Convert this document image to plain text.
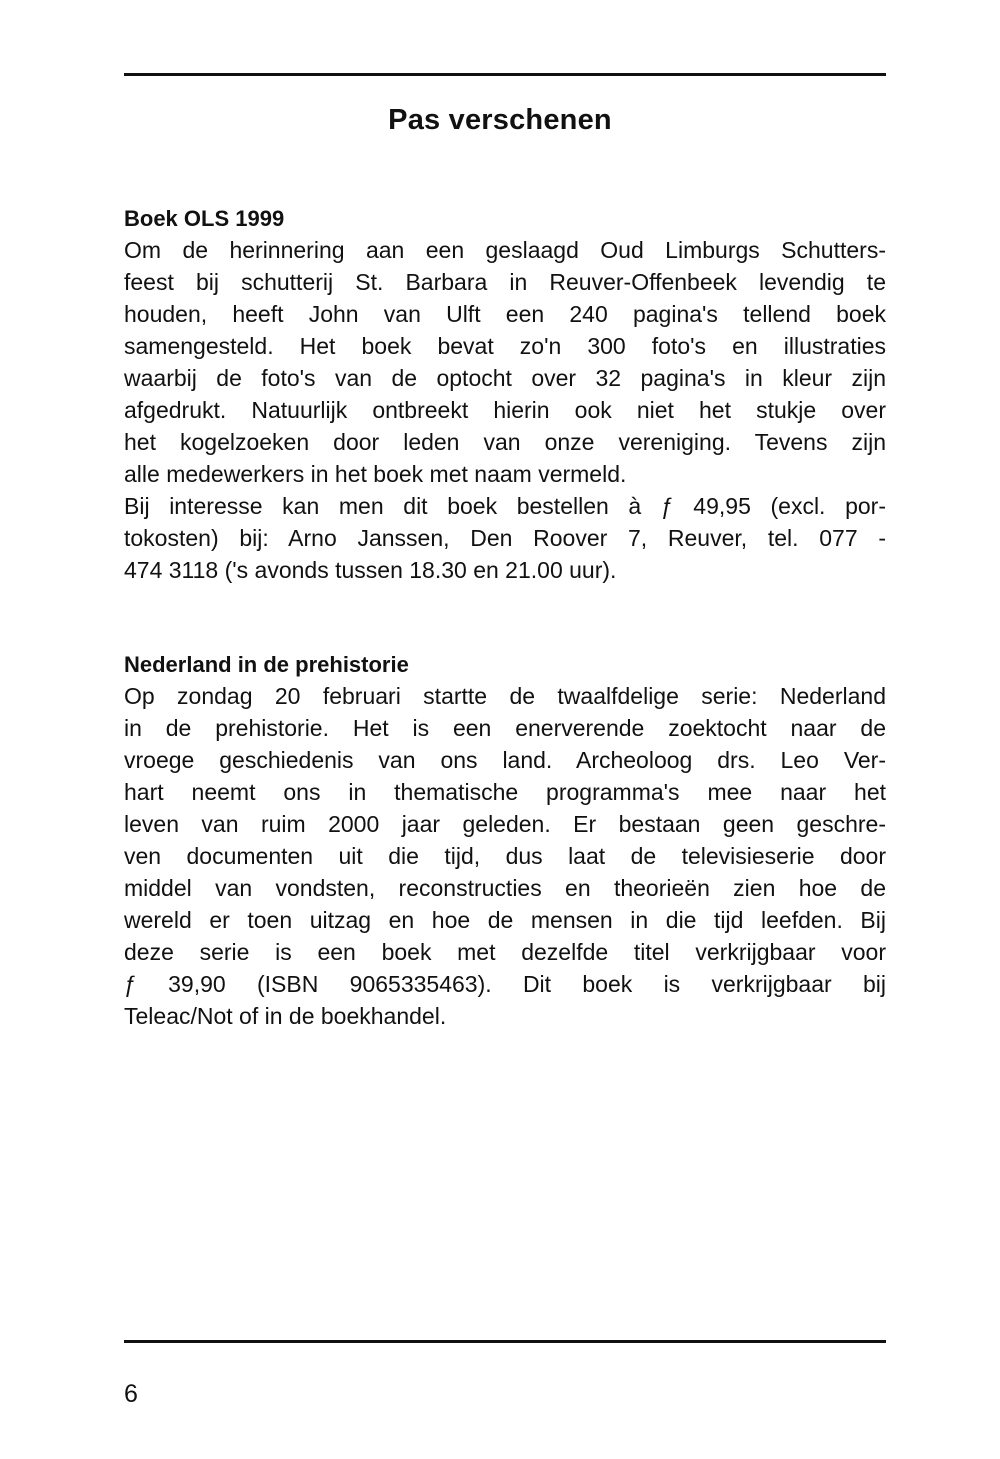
Pas verschenen
Boek OLS 1999
Om de herinnering aan een geslaagd Oud Limburgs Schutters-
feest bij schutterij St. Barbara in Reuver-Offenbeek levendig te
houden, heeft John van Ulft een 240 pagina's tellend boek
samengesteld. Het boek bevat zo'n 300 foto's en illustraties
waarbij de foto's van de optocht over 32 pagina's in kleur zijn
afgedrukt. Natuurlijk ontbreekt hierin ook niet het stukje over
het kogelzoeken door leden van onze vereniging. Tevens zijn
alle medewerkers in het boek met naam vermeld.
Bij interesse kan men dit boek bestellen à ƒ 49,95 (excl. por-
tokosten) bij: Arno Janssen, Den Roover 7, Reuver, tel. 077 -
474 3118 ('s avonds tussen 18.30 en 21.00 uur).
Nederland in de prehistorie
Op zondag 20 februari startte de twaalfdelige serie: Nederland
in de prehistorie. Het is een enerverende zoektocht naar de
vroege geschiedenis van ons land. Archeoloog drs. Leo Ver-
hart neemt ons in thematische programma's mee naar het
leven van ruim 2000 jaar geleden. Er bestaan geen geschre-
ven documenten uit die tijd, dus laat de televisieserie door
middel van vondsten, reconstructies en theorieën zien hoe de
wereld er toen uitzag en hoe de mensen in die tijd leefden. Bij
deze serie is een boek met dezelfde titel verkrijgbaar voor
ƒ 39,90 (ISBN 9065335463). Dit boek is verkrijgbaar bij
Teleac/Not of in de boekhandel.

6
